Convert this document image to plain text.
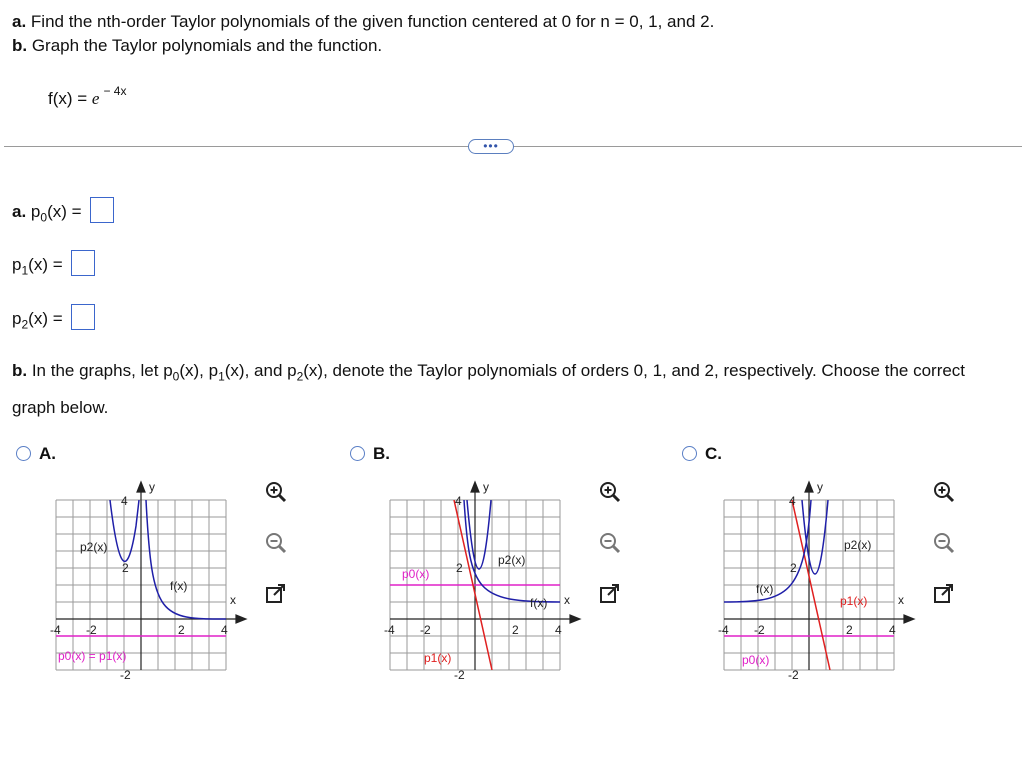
a. Find the nth-order Taylor polynomials of the given function centered at 0 for n = 0, 1, and 2.
b. Graph the Taylor polynomials and the function.
f(x) = e $^{- 4x}$
•••
a. $p_0(x)$ =
$p_1(x)$ =
$p_2(x)$ =
b. In the graphs, let $p_0(x)$, $p_1(x)$, and $p_2(x)$, denote the Taylor polynomials of orders 0, 1, and 2, respectively. Choose the correct graph below.
A.	B.	C.
4
2
-2
-4 -2	2	4
x
y
p2(x)
f(x)
p0(x) = p1(x)
4
2
-2
-4 -2	2	4
x
y
p2(x)
p0(x)
f(x)
p1(x)
4
2
-2
-4 -2	2	4
x
y
p2(x)
f(x)
p1(x)
p0(x)
